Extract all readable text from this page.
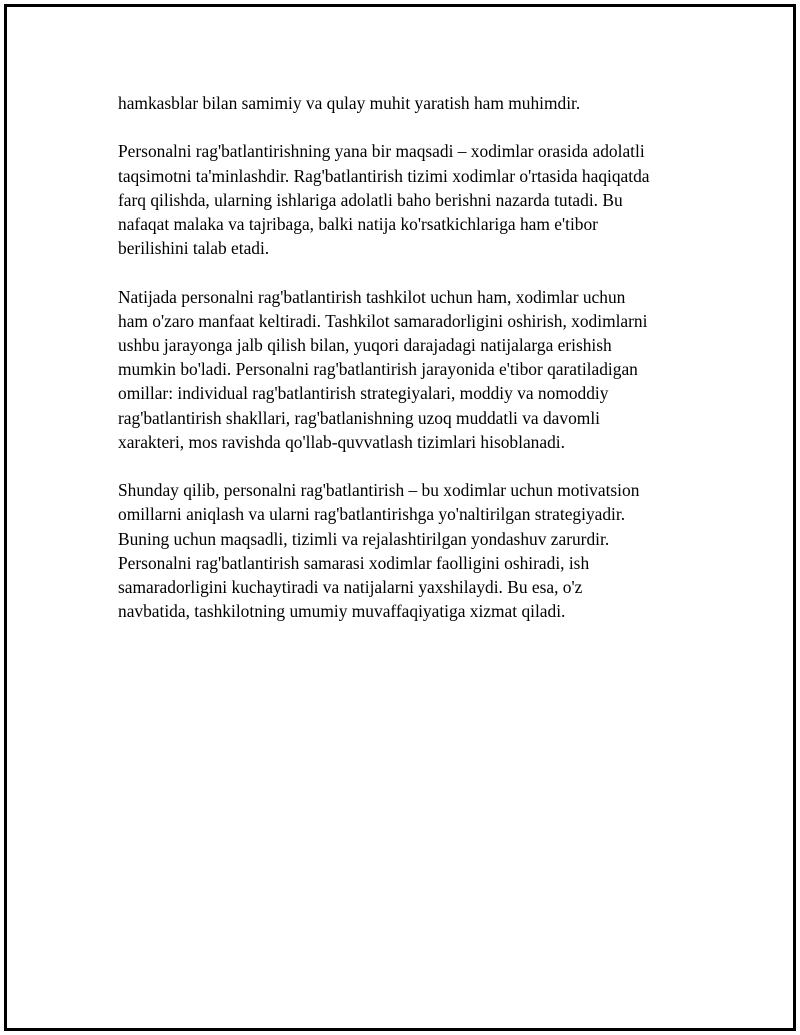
hamkasblar bilan samimiy va qulay muhit yaratish ham muhimdir.

Personalni rag'batlantirishning yana bir maqsadi – xodimlar orasida adolatli
taqsimotni ta'minlashdir. Rag'batlantirish tizimi xodimlar o'rtasida haqiqatda
farq qilishda, ularning ishlariga adolatli baho berishni nazarda tutadi. Bu
nafaqat malaka va tajribaga, balki natija ko'rsatkichlariga ham e'tibor
berilishini talab etadi.

Natijada personalni rag'batlantirish tashkilot uchun ham, xodimlar uchun
ham o'zaro manfaat keltiradi. Tashkilot samaradorligini oshirish, xodimlarni
ushbu jarayonga jalb qilish bilan, yuqori darajadagi natijalarga erishish
mumkin bo'ladi. Personalni rag'batlantirish jarayonida e'tibor qaratiladigan
omillar: individual rag'batlantirish strategiyalari, moddiy va nomoddiy
rag'batlantirish shakllari, rag'batlanishning uzoq muddatli va davomli
xarakteri, mos ravishda qo'llab-quvvatlash tizimlari hisoblanadi.

Shunday qilib, personalni rag'batlantirish – bu xodimlar uchun motivatsion
omillarni aniqlash va ularni rag'batlantirishga yo'naltirilgan strategiyadir.
Buning uchun maqsadli, tizimli va rejalashtirilgan yondashuv zarurdir.
Personalni rag'batlantirish samarasi xodimlar faolligini oshiradi, ish
samaradorligini kuchaytiradi va natijalarni yaxshilaydi. Bu esa, o'z
navbatida, tashkilotning umumiy muvaffaqiyatiga xizmat qiladi.
